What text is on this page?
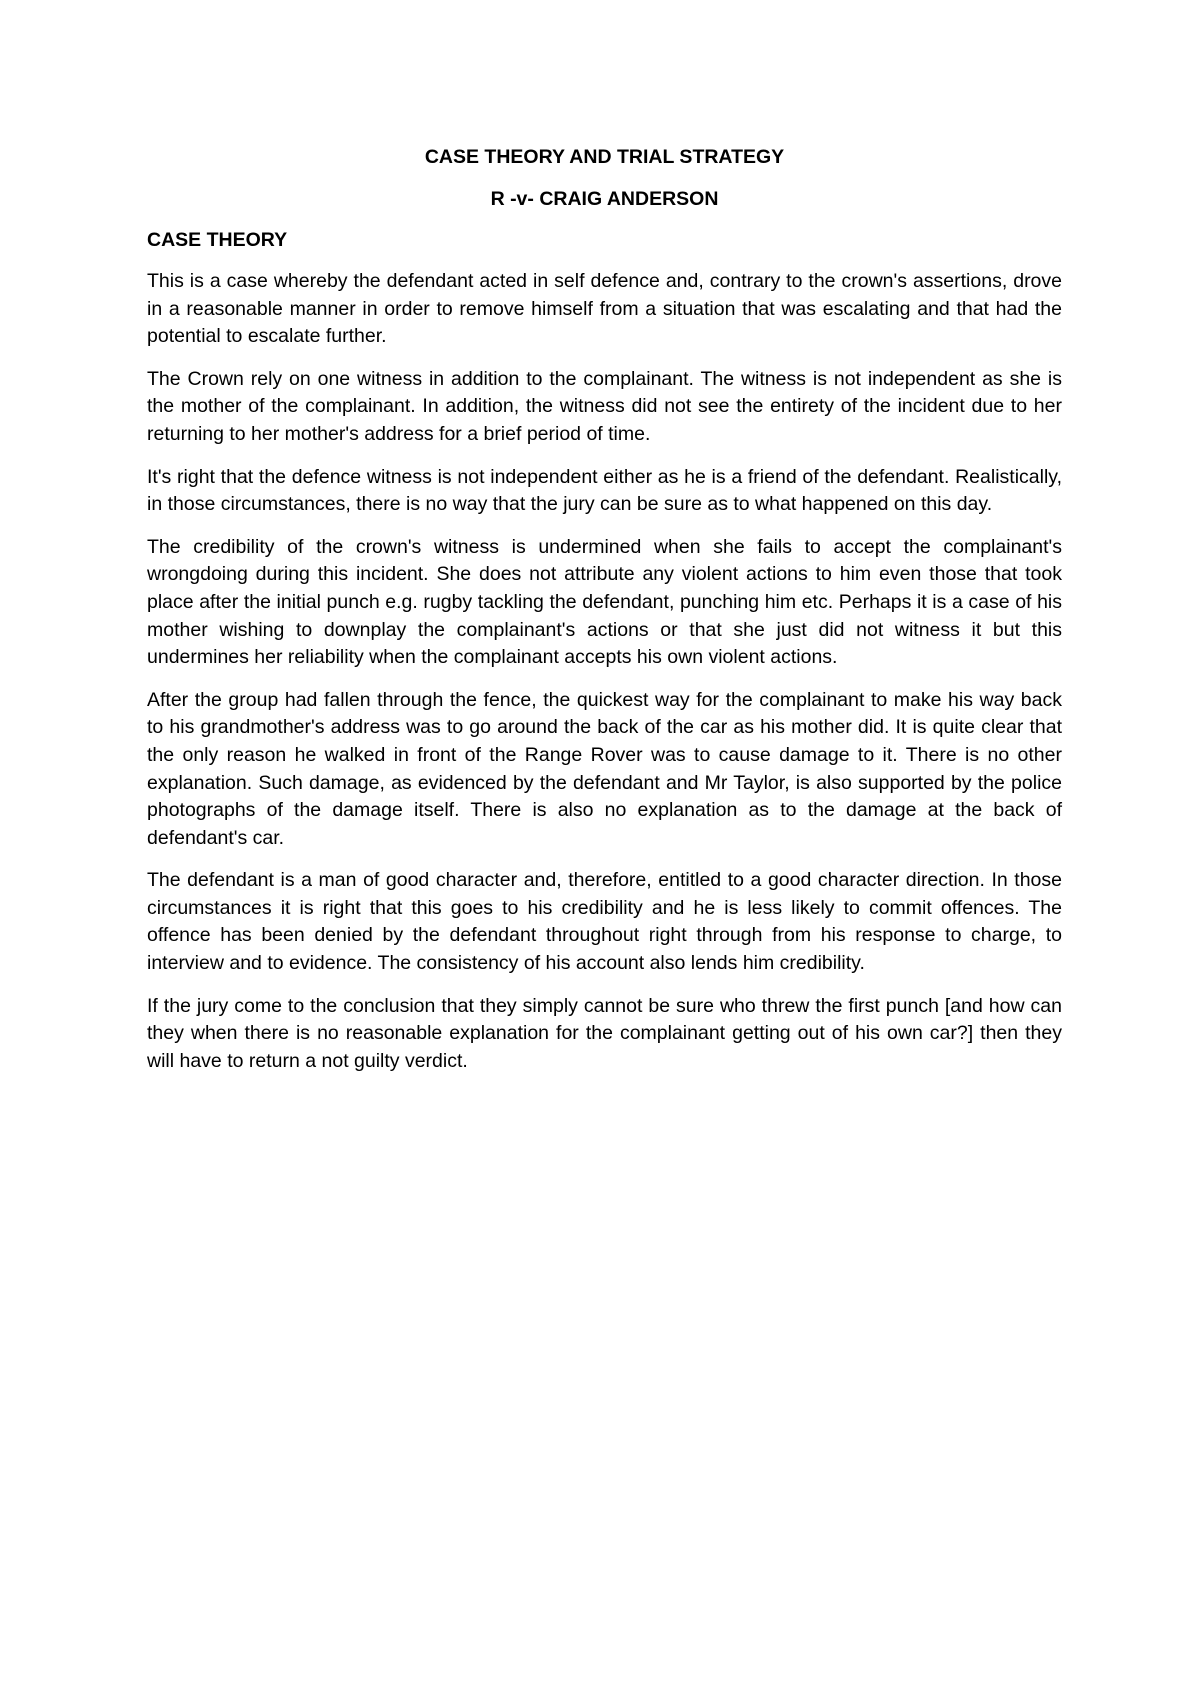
CASE THEORY AND TRIAL STRATEGY
R -v- CRAIG ANDERSON
CASE THEORY

This is a case whereby the defendant acted in self defence and, contrary to the crown's assertions, drove in a reasonable manner in order to remove himself from a situation that was escalating and that had the potential to escalate further.

The Crown rely on one witness in addition to the complainant. The witness is not independent as she is the mother of the complainant. In addition, the witness did not see the entirety of the incident due to her returning to her mother's address for a brief period of time.

It's right that the defence witness is not independent either as he is a friend of the defendant. Realistically, in those circumstances, there is no way that the jury can be sure as to what happened on this day.

The credibility of the crown's witness is undermined when she fails to accept the complainant's wrongdoing during this incident. She does not attribute any violent actions to him even those that took place after the initial punch e.g. rugby tackling the defendant, punching him etc. Perhaps it is a case of his mother wishing to downplay the complainant's actions or that she just did not witness it but this undermines her reliability when the complainant accepts his own violent actions.

After the group had fallen through the fence, the quickest way for the complainant to make his way back to his grandmother's address was to go around the back of the car as his mother did. It is quite clear that the only reason he walked in front of the Range Rover was to cause damage to it. There is no other explanation. Such damage, as evidenced by the defendant and Mr Taylor, is also supported by the police photographs of the damage itself. There is also no explanation as to the damage at the back of defendant's car.

The defendant is a man of good character and, therefore, entitled to a good character direction. In those circumstances it is right that this goes to his credibility and he is less likely to commit offences. The offence has been denied by the defendant throughout right through from his response to charge, to interview and to evidence. The consistency of his account also lends him credibility.

If the jury come to the conclusion that they simply cannot be sure who threw the first punch [and how can they when there is no reasonable explanation for the complainant getting out of his own car?] then they will have to return a not guilty verdict.
